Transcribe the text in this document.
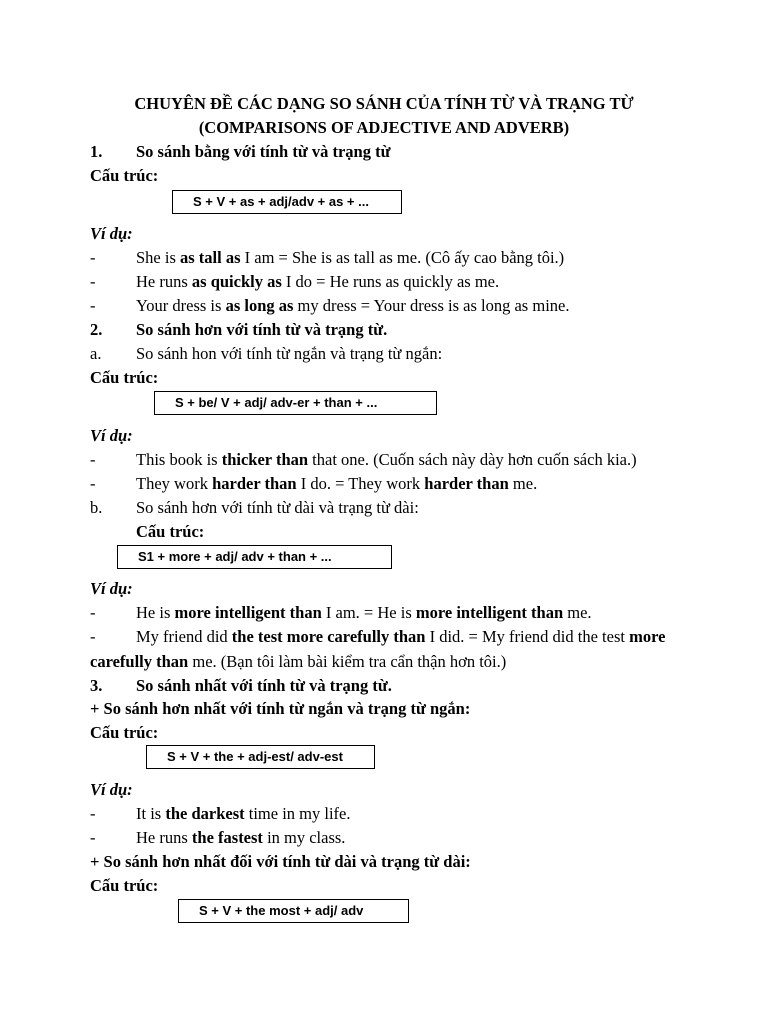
CHUYÊN ĐỀ CÁC DẠNG SO SÁNH CỦA TÍNH TỪ VÀ TRẠNG TỪ
(COMPARISONS OF ADJECTIVE AND ADVERB)
1. So sánh bằng với tính từ và trạng từ
Cấu trúc:
S + V + as + adj/adv + as + ...
Ví dụ:
- She is as tall as I am = She is as tall as me. (Cô ấy cao bằng tôi.)
- He runs as quickly as I do = He runs as quickly as me.
- Your dress is as long as my dress = Your dress is as long as mine.
2. So sánh hơn với tính từ và trạng từ.
a. So sánh hon với tính từ ngắn và trạng từ ngắn:
Cấu trúc:
S + be/ V + adj/ adv-er + than + ...
Ví dụ:
- This book is thicker than that one. (Cuốn sách này dày hơn cuốn sách kia.)
- They work harder than I do. = They work harder than me.
b. So sánh hơn với tính từ dài và trạng từ dài:
Cấu trúc:
S1 + more + adj/ adv + than + ...
Ví dụ:
- He is more intelligent than I am. = He is more intelligent than me.
- My friend did the test more carefully than I did. = My friend did the test more
carefully than me. (Bạn tôi làm bài kiểm tra cẩn thận hơn tôi.)
3. So sánh nhất với tính từ và trạng từ.
+ So sánh hơn nhất với tính từ ngắn và trạng từ ngắn:
Cấu trúc:
S + V + the + adj-est/ adv-est
Ví dụ:
- It is the darkest time in my life.
- He runs the fastest in my class.
+ So sánh hơn nhất đối với tính từ dài và trạng từ dài:
Cấu trúc:
S + V + the most + adj/ adv
